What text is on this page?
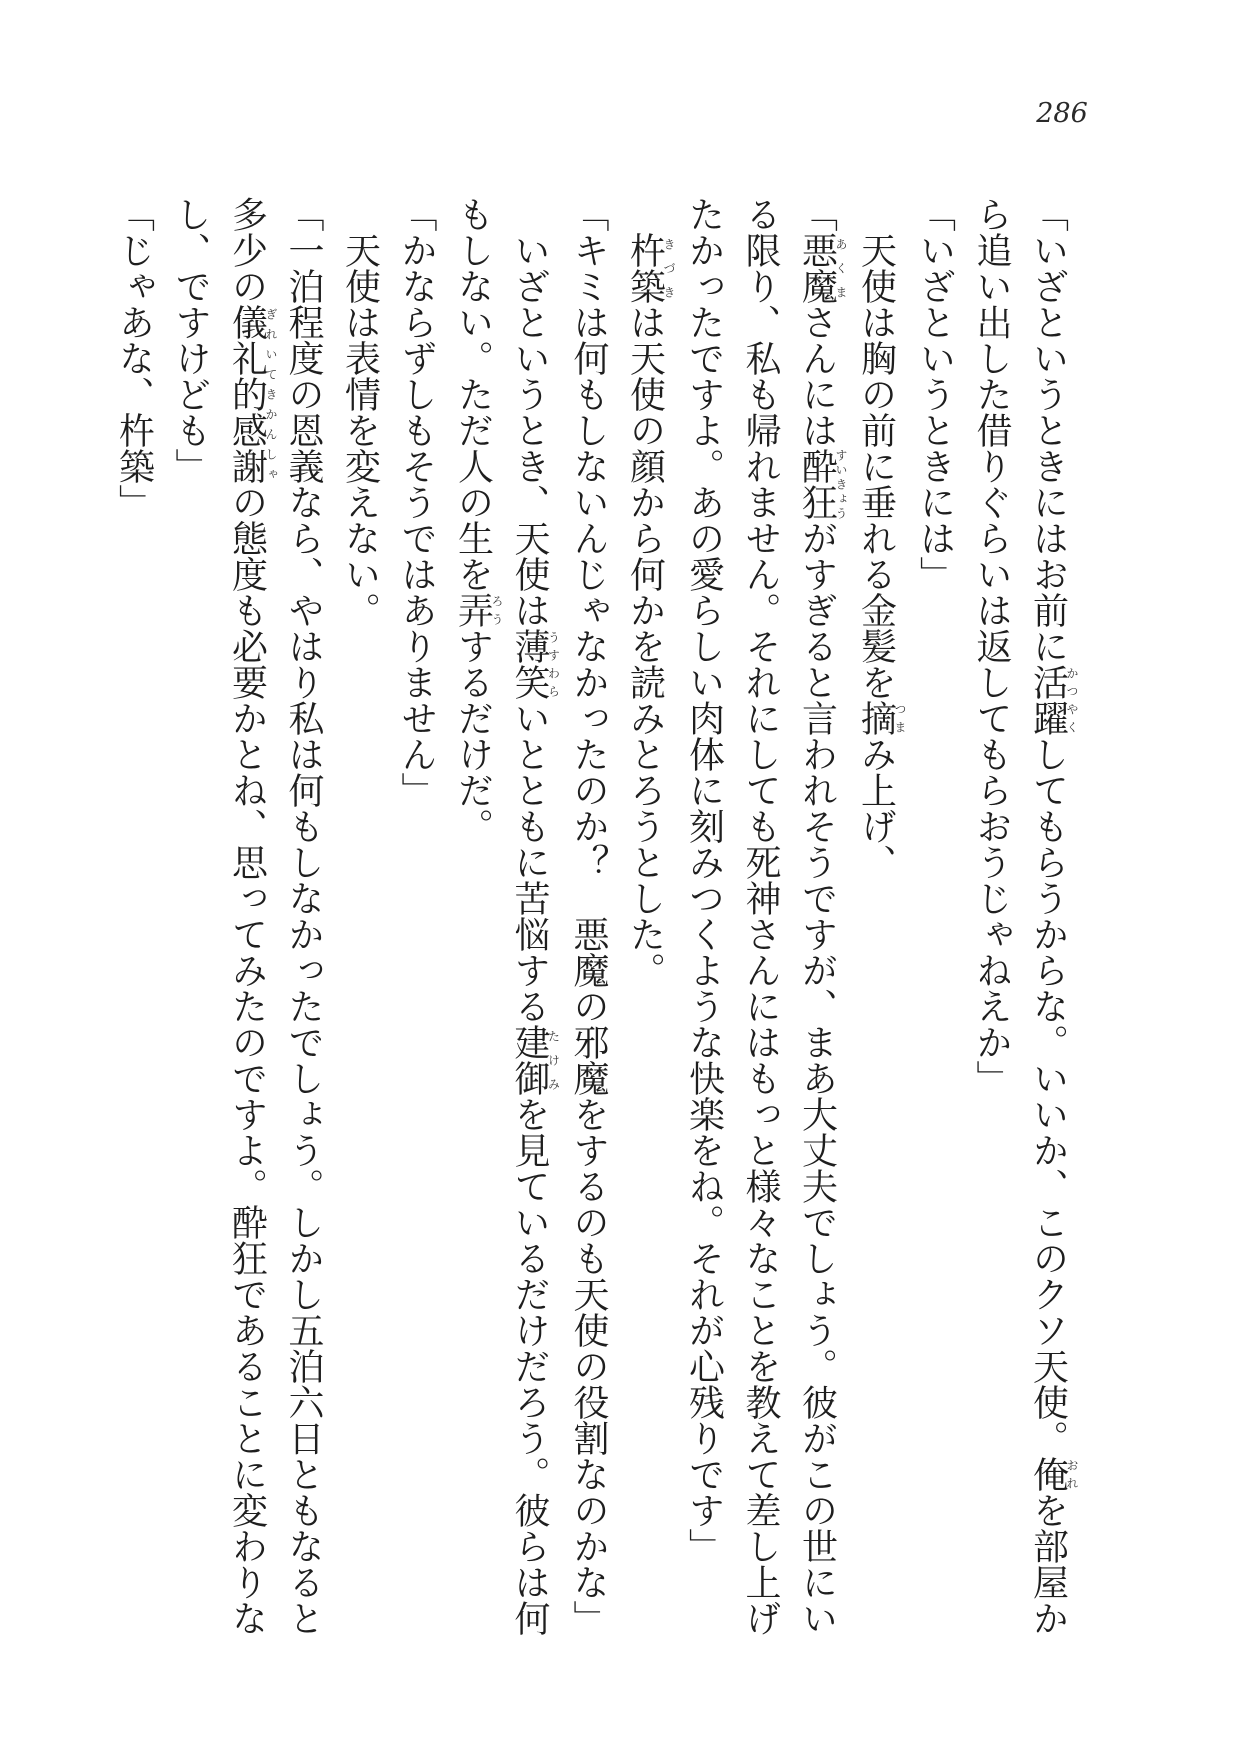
286

「いざというときにはお前に活躍かつやくしてもらうからな。いいか、このクソ天使。俺おれを部屋から追い出した借りぐらいは返してもらおうじゃねえか」

「いざというときには」

天使は胸の前に垂れる金髪を摘つまみ上げ、

「悪魔あくまさんには酔狂すいきょうがすぎると言われそうですが、まあ大丈夫でしょう。彼がこの世にいる限り、私も帰れません。それにしても死神さんにはもっと様々なことを教えて差し上げたかったですよ。あの愛らしい肉体に刻みつくような快楽をね。それが心残りです」

杵築きづきは天使の顔から何かを読みとろうとした。

「キミは何もしないんじゃなかったのか？　悪魔の邪魔をするのも天使の役割なのかな」

いざというとき、天使は薄笑うすわらいとともに苦悩する建御たけみを見ているだけだろう。彼らは何もしない。ただ人の生を弄ろうするだけだ。

「かならずしもそうではありません」

天使は表情を変えない。

「一泊程度の恩義なら、やはり私は何もしなかったでしょう。しかし五泊六日ともなると多少の儀礼的感謝ぎれいてきかんしゃの態度も必要かとね、思ってみたのですよ。酔狂であることに変わりなし、ですけども」

「じゃあな、杵築」
